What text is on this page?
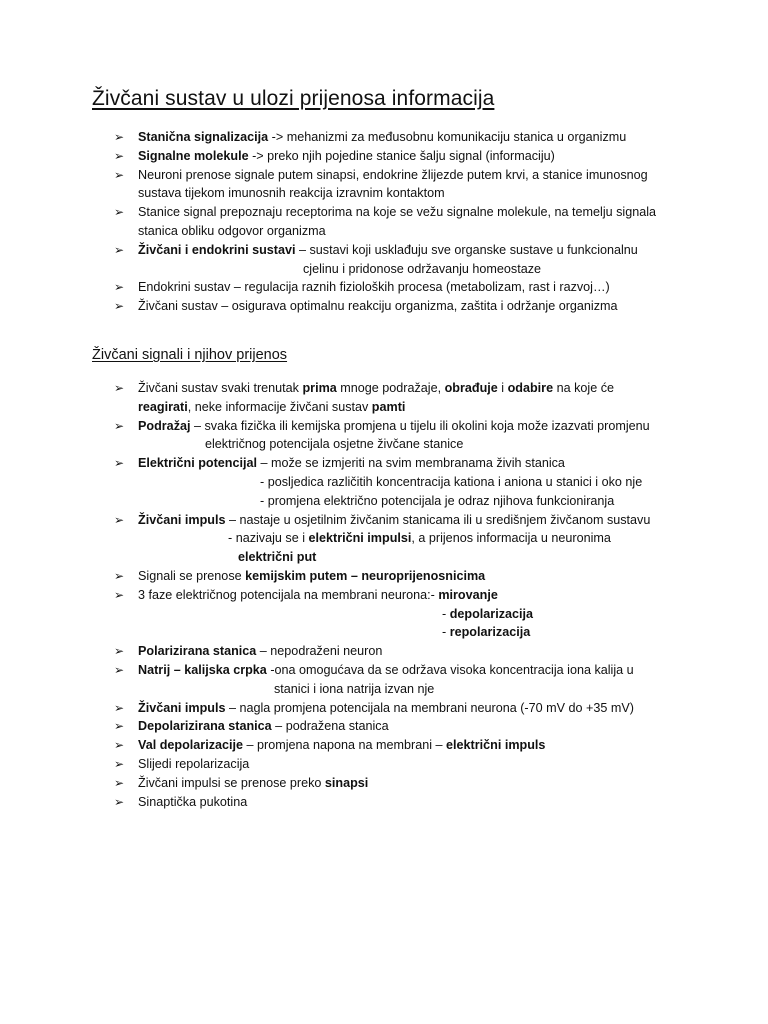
Živčani sustav u ulozi prijenosa informacija
➢ Stanična signalizacija -> mehanizmi za međusobnu komunikaciju stanica u organizmu
➢ Signalne molekule -> preko njih pojedine stanice šalju signal (informaciju)
➢ Neuroni prenose signale putem sinapsi, endokrine žlijezde putem krvi, a stanice imunosnog
sustava tijekom imunosnih reakcija izravnim kontaktom
➢ Stanice signal prepoznaju receptorima na koje se vežu signalne molekule, na temelju signala
stanica obliku odgovor organizma
➢ Živčani i endokrini sustavi – sustavi koji usklađuju sve organske sustave u funkcionalnu
cjelinu i pridonose održavanju homeostaze
➢ Endokrini sustav – regulacija raznih fizioloških procesa (metabolizam, rast i razvoj…)
➢ Živčani sustav – osigurava optimalnu reakciju organizma, zaštita i održanje organizma
Živčani signali i njihov prijenos
➢ Živčani sustav svaki trenutak prima mnoge podražaje, obrađuje i odabire na koje će
reagirati, neke informacije živčani sustav pamti
➢ Podražaj – svaka fizička ili kemijska promjena u tijelu ili okolini koja može izazvati promjenu
električnog potencijala osjetne živčane stanice
➢ Električni potencijal – može se izmjeriti na svim membranama živih stanica
- posljedica različitih koncentracija kationa i aniona u stanici i oko nje
- promjena električno potencijala je odraz njihova funkcioniranja
➢ Živčani impuls – nastaje u osjetilnim živčanim stanicama ili u središnjem živčanom sustavu
- nazivaju se i električni impulsi, a prijenos informacija u neuronima
električni put
➢ Signali se prenose kemijskim putem – neuroprijenosnicima
➢ 3 faze električnog potencijala na membrani neurona:- mirovanje
- depolarizacija
- repolarizacija
➢ Polarizirana stanica – nepodraženi neuron
➢ Natrij – kalijska crpka -ona omogućava da se održava visoka koncentracija iona kalija u
stanici i iona natrija izvan nje
➢ Živčani impuls – nagla promjena potencijala na membrani neurona (-70 mV do +35 mV)
➢ Depolarizirana stanica – podražena stanica
➢ Val depolarizacije – promjena napona na membrani – električni impuls
➢ Slijedi repolarizacija
➢ Živčani impulsi se prenose preko sinapsi
➢ Sinaptička pukotina
